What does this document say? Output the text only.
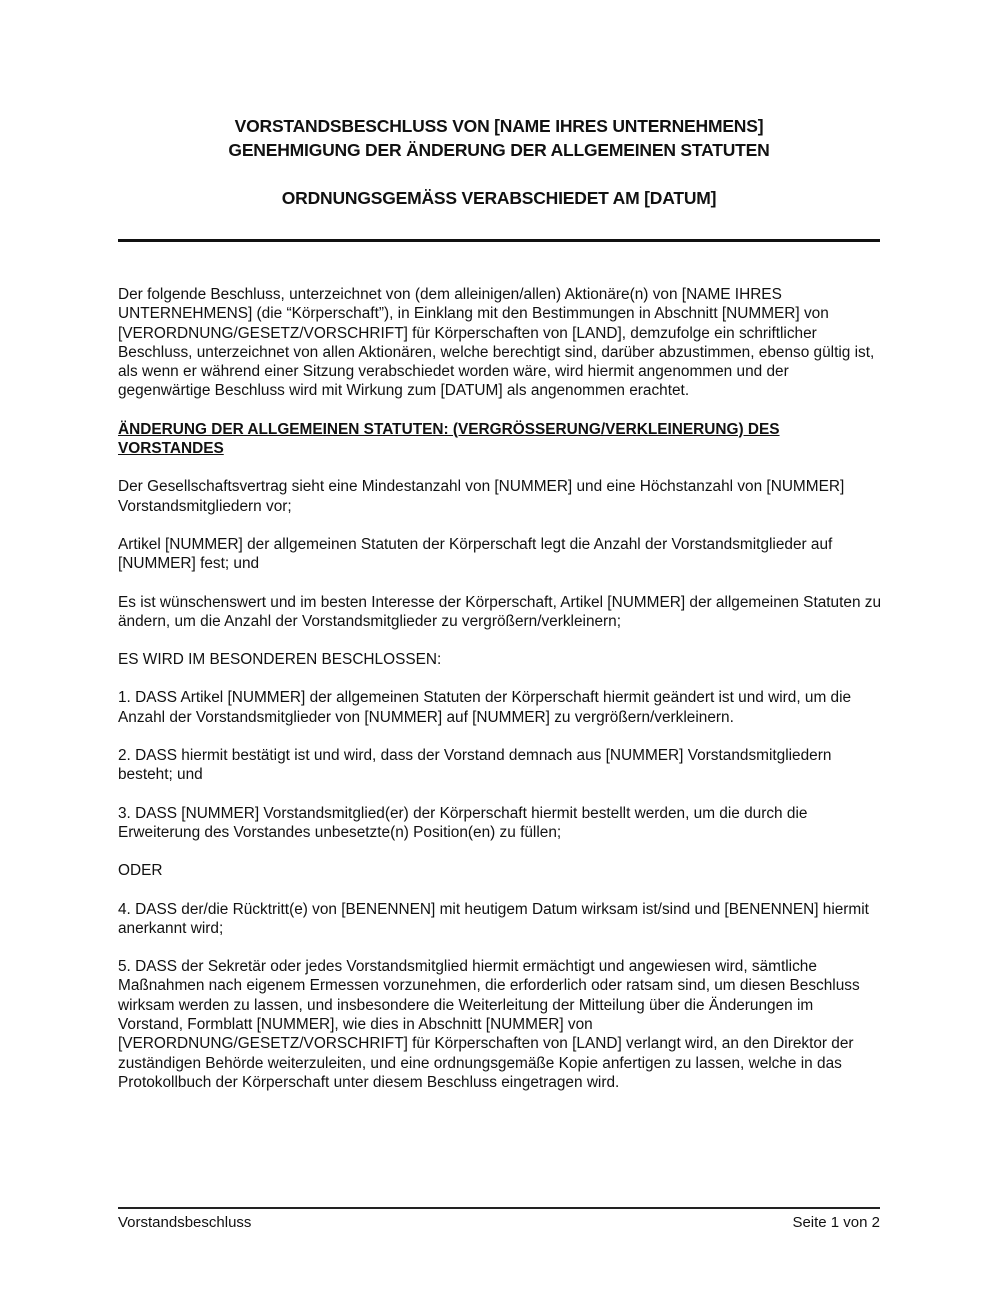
VORSTANDSBESCHLUSS VON [NAME IHRES UNTERNEHMENS]
GENEHMIGUNG DER ÄNDERUNG DER ALLGEMEINEN STATUTEN
ORDNUNGSGEMÄSS VERABSCHIEDET AM [DATUM]

Der folgende Beschluss, unterzeichnet von (dem alleinigen/allen) Aktionäre(n) von [NAME IHRES UNTERNEHMENS] (die “Körperschaft”), in Einklang mit den Bestimmungen in Abschnitt [NUMMER] von [VERORDNUNG/GESETZ/VORSCHRIFT] für Körperschaften von [LAND], demzufolge ein schriftlicher Beschluss, unterzeichnet von allen Aktionären, welche berechtigt sind, darüber abzustimmen, ebenso gültig ist, als wenn er während einer Sitzung verabschiedet worden wäre, wird hiermit angenommen und der gegenwärtige Beschluss wird mit Wirkung zum [DATUM] als angenommen erachtet.

ÄNDERUNG DER ALLGEMEINEN STATUTEN: (VERGRÖSSERUNG/VERKLEINERUNG) DES VORSTANDES

Der Gesellschaftsvertrag sieht eine Mindestanzahl von [NUMMER] und eine Höchstanzahl von [NUMMER] Vorstandsmitgliedern vor;

Artikel [NUMMER] der allgemeinen Statuten der Körperschaft legt die Anzahl der Vorstandsmitglieder auf [NUMMER] fest; und

Es ist wünschenswert und im besten Interesse der Körperschaft, Artikel [NUMMER] der allgemeinen Statuten zu ändern, um die Anzahl der Vorstandsmitglieder zu vergrößern/verkleinern;

ES WIRD IM BESONDEREN BESCHLOSSEN:

1. DASS Artikel [NUMMER] der allgemeinen Statuten der Körperschaft hiermit geändert ist und wird, um die Anzahl der Vorstandsmitglieder von [NUMMER] auf [NUMMER] zu vergrößern/verkleinern.

2. DASS hiermit bestätigt ist und wird, dass der Vorstand demnach aus [NUMMER] Vorstandsmitgliedern besteht; und

3. DASS [NUMMER] Vorstandsmitglied(er) der Körperschaft hiermit bestellt werden, um die durch die Erweiterung des Vorstandes unbesetzte(n) Position(en) zu füllen;

ODER

4. DASS der/die Rücktritt(e) von [BENENNEN] mit heutigem Datum wirksam ist/sind und [BENENNEN] hiermit anerkannt wird;

5. DASS der Sekretär oder jedes Vorstandsmitglied hiermit ermächtigt und angewiesen wird, sämtliche Maßnahmen nach eigenem Ermessen vorzunehmen, die erforderlich oder ratsam sind, um diesen Beschluss wirksam werden zu lassen, und insbesondere die Weiterleitung der Mitteilung über die Änderungen im Vorstand, Formblatt [NUMMER], wie dies in Abschnitt [NUMMER] von [VERORDNUNG/GESETZ/VORSCHRIFT] für Körperschaften von [LAND] verlangt wird, an den Direktor der zuständigen Behörde weiterzuleiten, und eine ordnungsgemäße Kopie anfertigen zu lassen, welche in das Protokollbuch der Körperschaft unter diesem Beschluss eingetragen wird.

Vorstandsbeschluss	Seite 1 von 2
